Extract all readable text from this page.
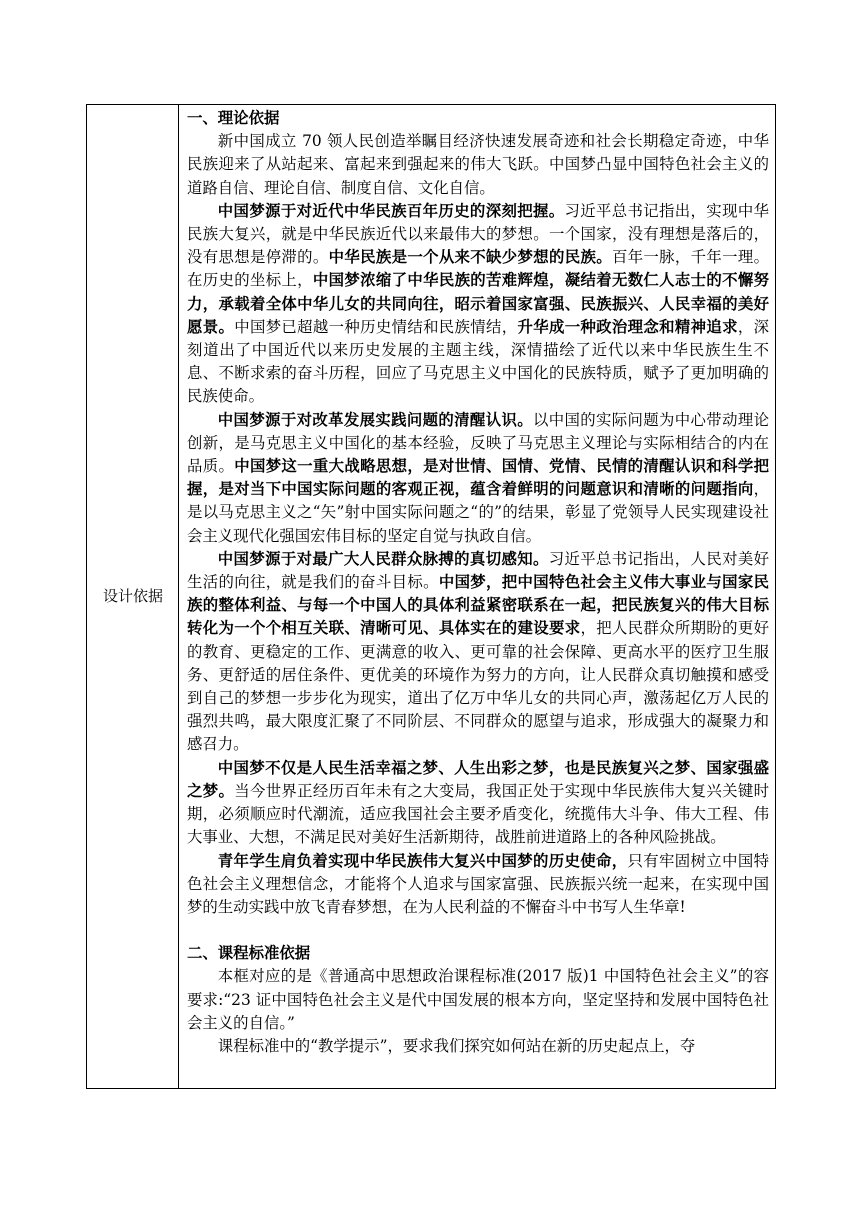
设计依据

一、理论依据

新中国成立 70 领人民创造举瞩目经济快速发展奇迹和社会长期稳定奇迹，中华民族迎来了从站起来、富起来到强起来的伟大飞跃。中国梦凸显中国特色社会主义的道路自信、理论自信、制度自信、文化自信。

中国梦源于对近代中华民族百年历史的深刻把握。习近平总书记指出，实现中华民族大复兴，就是中华民族近代以来最伟大的梦想。一个国家，没有理想是落后的，没有思想是停滞的。中华民族是一个从来不缺少梦想的民族。百年一脉，千年一理。在历史的坐标上，中国梦浓缩了中华民族的苦难辉煌，凝结着无数仁人志士的不懈努力，承载着全体中华儿女的共同向往，昭示着国家富强、民族振兴、人民幸福的美好愿景。中国梦已超越一种历史情结和民族情结，升华成一种政治理念和精神追求，深刻道出了中国近代以来历史发展的主题主线，深情描绘了近代以来中华民族生生不息、不断求索的奋斗历程，回应了马克思主义中国化的民族特质，赋予了更加明确的民族使命。

中国梦源于对改革发展实践问题的清醒认识。以中国的实际问题为中心带动理论创新，是马克思主义中国化的基本经验，反映了马克思主义理论与实际相结合的内在品质。中国梦这一重大战略思想，是对世情、国情、党情、民情的清醒认识和科学把握，是对当下中国实际问题的客观正视，蕴含着鲜明的问题意识和清晰的问题指向，是以马克思主义之“矢”射中国实际问题之“的”的结果，彰显了党领导人民实现建设社会主义现代化强国宏伟目标的坚定自觉与执政自信。

中国梦源于对最广大人民群众脉搏的真切感知。习近平总书记指出，人民对美好生活的向往，就是我们的奋斗目标。中国梦，把中国特色社会主义伟大事业与国家民族的整体利益、与每一个中国人的具体利益紧密联系在一起，把民族复兴的伟大目标转化为一个个相互关联、清晰可见、具体实在的建设要求，把人民群众所期盼的更好的教育、更稳定的工作、更满意的收入、更可靠的社会保障、更高水平的医疗卫生服务、更舒适的居住条件、更优美的环境作为努力的方向，让人民群众真切触摸和感受到自己的梦想一步步化为现实，道出了亿万中华儿女的共同心声，激荡起亿万人民的强烈共鸣，最大限度汇聚了不同阶层、不同群众的愿望与追求，形成强大的凝聚力和感召力。

中国梦不仅是人民生活幸福之梦、人生出彩之梦，也是民族复兴之梦、国家强盛之梦。当今世界正经历百年未有之大变局，我国正处于实现中华民族伟大复兴关键时期，必须顺应时代潮流，适应我国社会主要矛盾变化，统揽伟大斗争、伟大工程、伟大事业、大想，不满足民对美好生活新期待，战胜前进道路上的各种风险挑战。

青年学生肩负着实现中华民族伟大复兴中国梦的历史使命，只有牢固树立中国特色社会主义理想信念，才能将个人追求与国家富强、民族振兴统一起来，在实现中国梦的生动实践中放飞青春梦想，在为人民利益的不懈奋斗中书写人生华章!

二、课程标准依据

本框对应的是《普通高中思想政治课程标准(2017 版)1 中国特色社会主义”的容要求:“23 证中国特色社会主义是代中国发展的根本方向，坚定坚持和发展中国特色社会主义的自信。”

课程标准中的“教学提示”，要求我们探究如何站在新的历史起点上，夺
